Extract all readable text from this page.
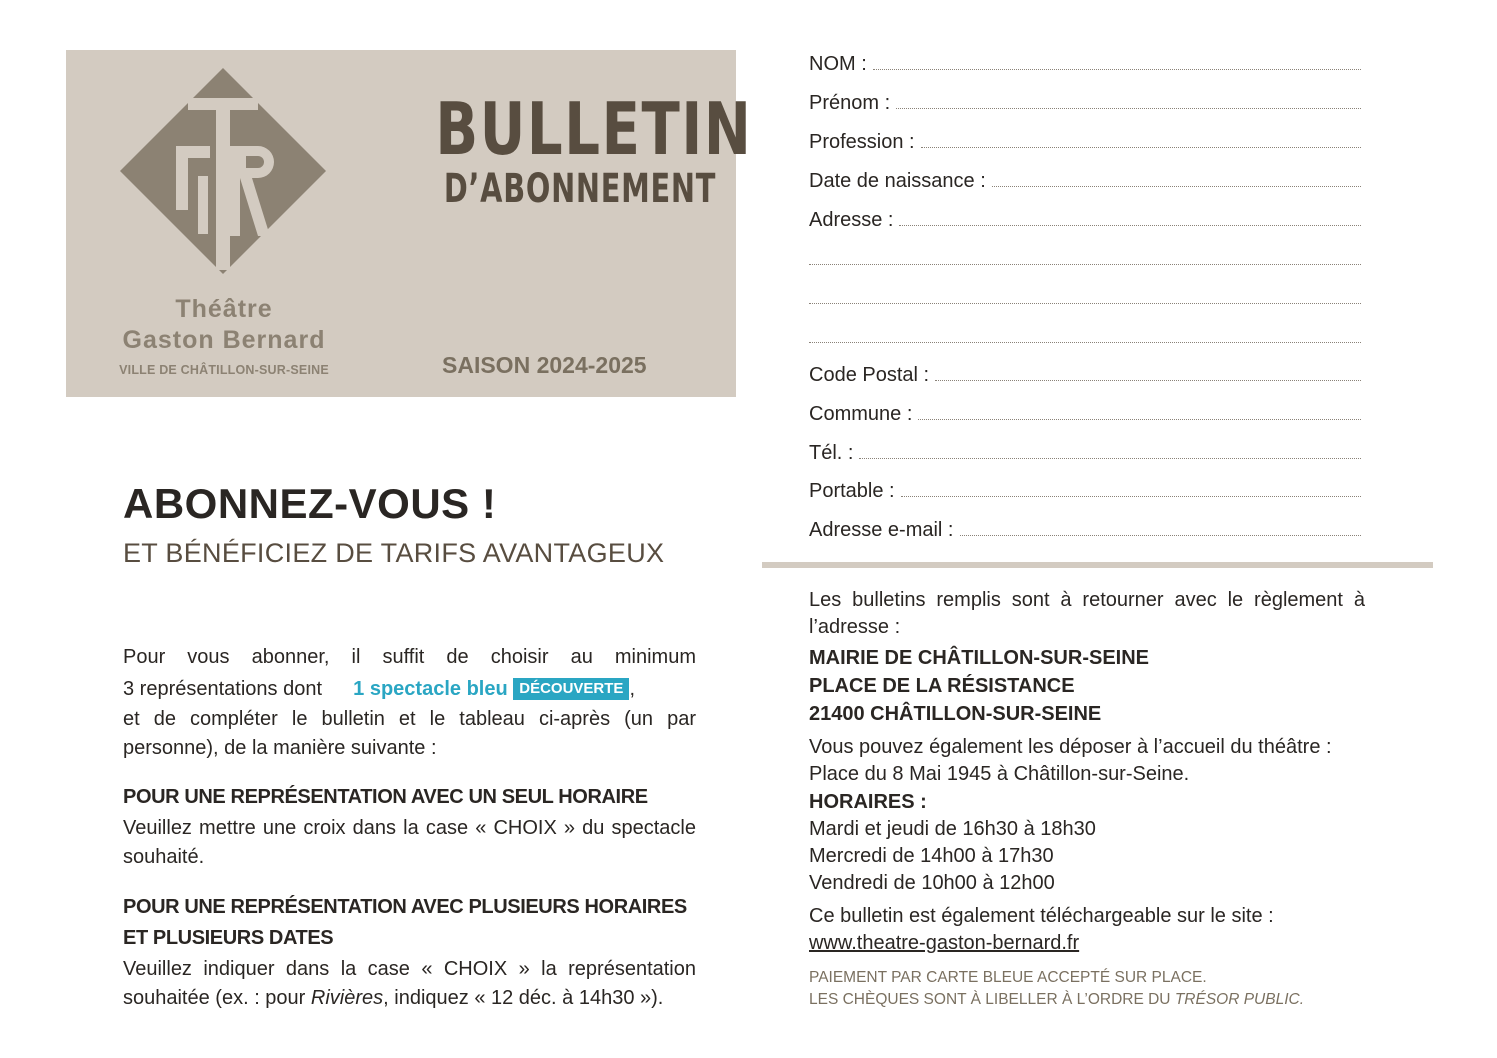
GTR
Théâtre
Gaston Bernard
VILLE DE CHÂTILLON-SUR-SEINE
BULLETIN
D’ABONNEMENT
SAISON 2024-2025
ABONNEZ-VOUS !
ET BÉNÉFICIEZ DE TARIFS AVANTAGEUX
Pour vous abonner, il suffit de choisir au minimum
3 représentations dont 1 spectacle bleu DÉCOUVERTE ,
et de compléter le bulletin et le tableau ci-après (un par personne), de la manière suivante :
POUR UNE REPRÉSENTATION AVEC UN SEUL HORAIRE
Veuillez mettre une croix dans la case « CHOIX » du spectacle souhaité.
POUR UNE REPRÉSENTATION AVEC PLUSIEURS HORAIRES
ET PLUSIEURS DATES
Veuillez indiquer dans la case « CHOIX » la représentation souhaitée (ex. : pour Rivières, indiquez « 12 déc. à 14h30 »).
NOM :
Prénom :
Profession :
Date de naissance :
Adresse :
Code Postal :
Commune :
Tél. :
Portable :
Adresse e-mail :
Les bulletins remplis sont à retourner avec le règlement à l’adresse :
MAIRIE DE CHÂTILLON-SUR-SEINE
PLACE DE LA RÉSISTANCE
21400 CHÂTILLON-SUR-SEINE
Vous pouvez également les déposer à l’accueil du théâtre :
Place du 8 Mai 1945 à Châtillon-sur-Seine.
HORAIRES :
Mardi et jeudi de 16h30 à 18h30
Mercredi de 14h00 à 17h30
Vendredi de 10h00 à 12h00
Ce bulletin est également téléchargeable sur le site :
www.theatre-gaston-bernard.fr
PAIEMENT PAR CARTE BLEUE ACCEPTÉ SUR PLACE.
LES CHÈQUES SONT À LIBELLER À L’ORDRE DU TRÉSOR PUBLIC.
